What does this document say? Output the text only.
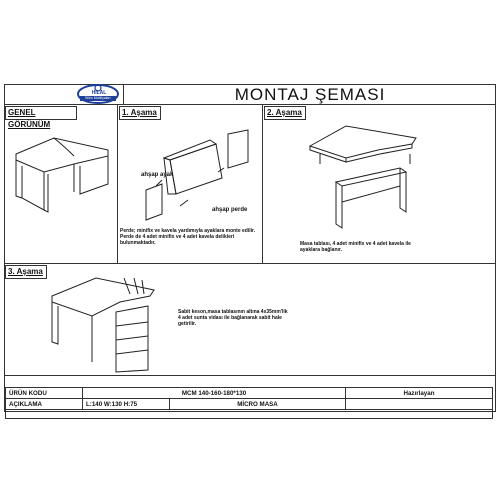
MONTAJ ŞEMASI
HİLAL
Büro Mobilyaları
GENEL GÖRÜNÜM
1. Aşama	2. Aşama
3. Aşama
ahşap ayak
ahşap perde
Perde; minifix ve kavela yardımıyla ayaklara monte edilir. Perde de 4 adet minifix ve 4 adet kavela delikleri bulunmaktadır.	Masa tablası, 4 adet minifix ve 4 adet kavela ile ayaklara bağlanır.
Sabit keson,masa tablasının altına 4x35mm'lik 4 adet sunta vidası ile bağlanarak sabit hale getirilir.
ÜRÜN KODU	MCM 140-160-180*130		Hazırlayan
AÇIKLAMA	L:140 W:130 H:75	MİCRO MASA	
